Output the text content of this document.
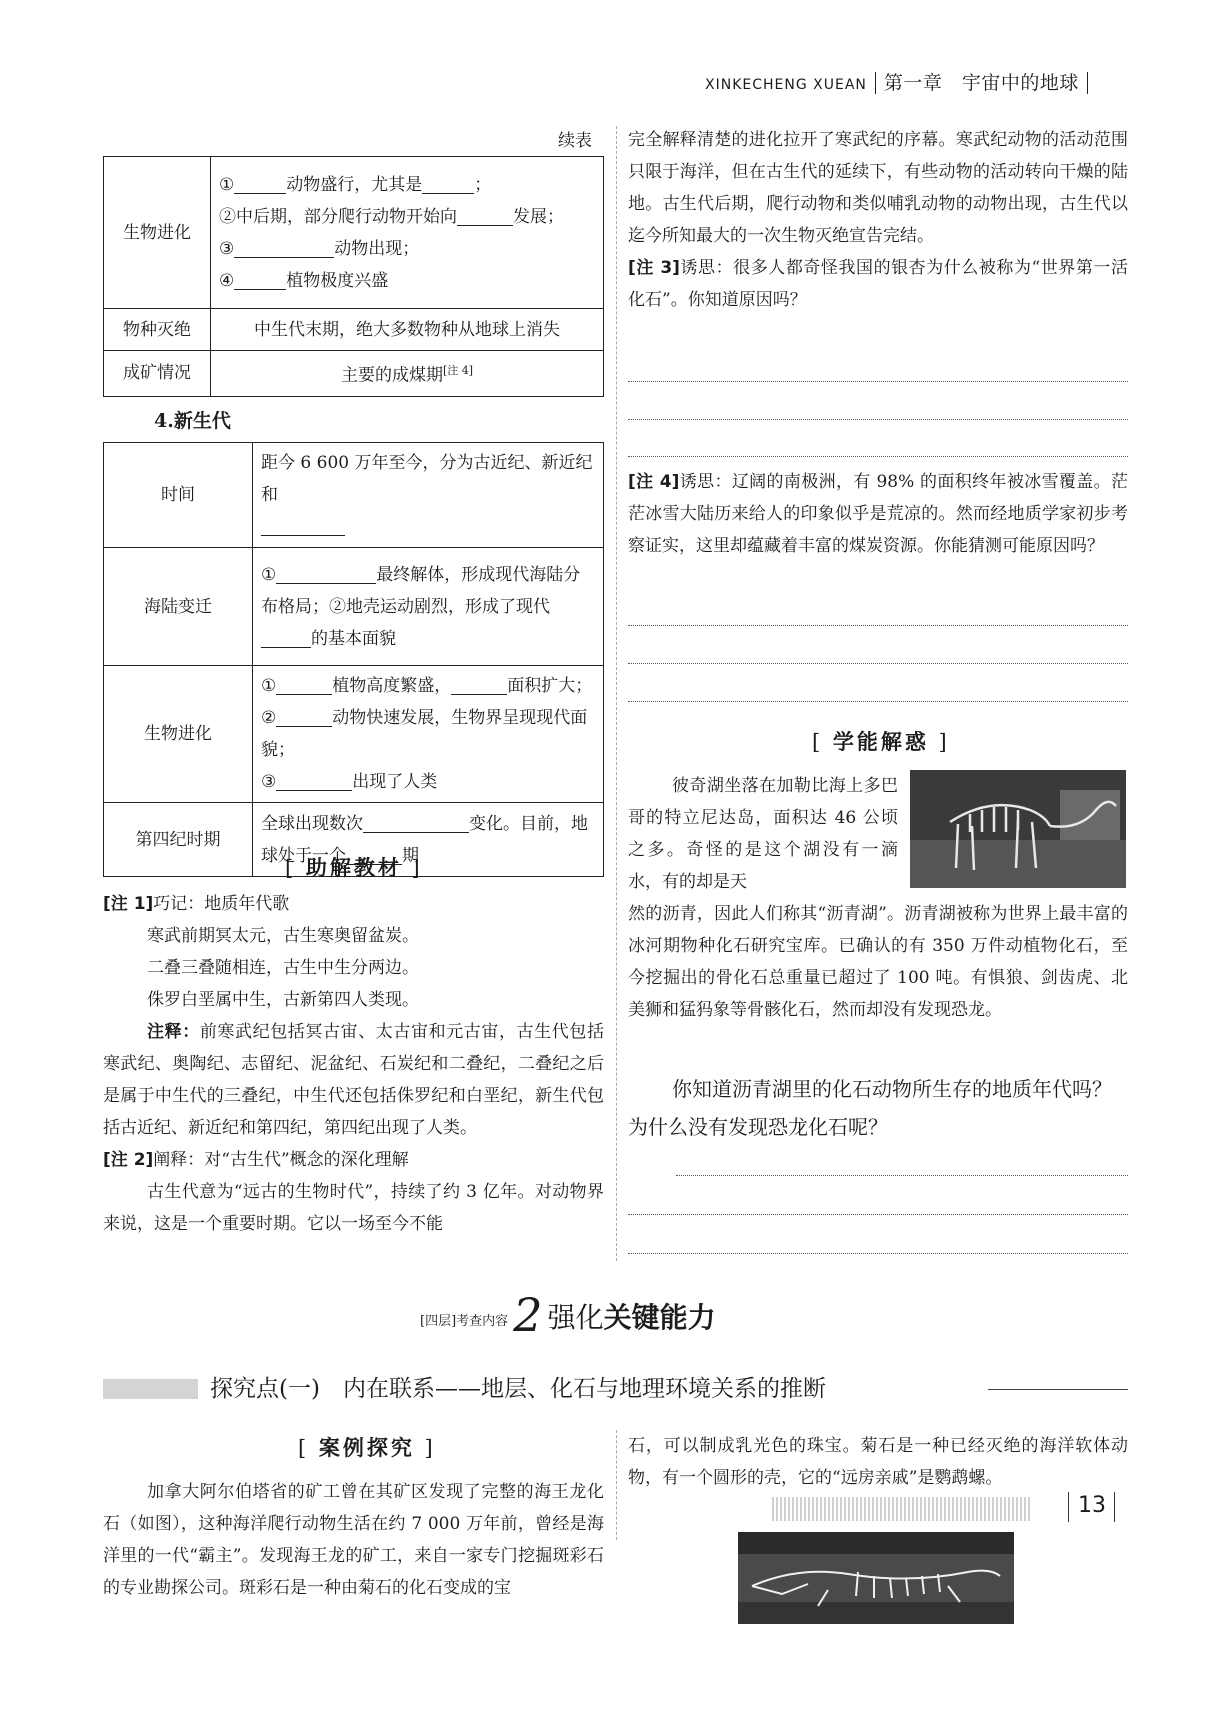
XINKECHENG XUEAN 第一章　宇宙中的地球
续表
生物进化	① 动物盛行，尤其是 ；
②中后期，部分爬行动物开始向 发展；
③ 动物出现；
④ 植物极度兴盛

物种灭绝	中生代末期，绝大多数物种从地球上消失
成矿情况	主要的成煤期[注 4]
4.新生代
时间	距今 6 600 万年至今，分为古近纪、新近纪和

海陆变迁	① 最终解体，形成现代海陆分布格局；②地壳运动剧烈，形成了现代的基本面貌
生物进化	① 植物高度繁盛， 面积扩大；
② 动物快速发展，生物界呈现现代面貌；
③ 出现了人类

第四纪时期	全球出现数次 变化。目前，地球处于一个 期
[ 助解教材 ]
[注 1]巧记：地质年代歌
寒武前期冥太元，古生寒奥留盆炭。
二叠三叠随相连，古生中生分两边。
侏罗白垩属中生，古新第四人类现。
注释：前寒武纪包括冥古宙、太古宙和元古宙，古生代包括寒武纪、奥陶纪、志留纪、泥盆纪、石炭纪和二叠纪，二叠纪之后是属于中生代的三叠纪，中生代还包括侏罗纪和白垩纪，新生代包括古近纪、新近纪和第四纪，第四纪出现了人类。
[注 2]阐释：对“古生代”概念的深化理解
古生代意为“远古的生物时代”，持续了约 3 亿年。对动物界来说，这是一个重要时期。它以一场至今不能
完全解释清楚的进化拉开了寒武纪的序幕。寒武纪动物的活动范围只限于海洋，但在古生代的延续下，有些动物的活动转向干燥的陆地。古生代后期，爬行动物和类似哺乳动物的动物出现，古生代以迄今所知最大的一次生物灭绝宣告完结。
[注 3]诱思：很多人都奇怪我国的银杏为什么被称为“世界第一活化石”。你知道原因吗？
[注 4]诱思：辽阔的南极洲，有 98% 的面积终年被冰雪覆盖。茫茫冰雪大陆历来给人的印象似乎是荒凉的。然而经地质学家初步考察证实，这里却蕴藏着丰富的煤炭资源。你能猜测可能原因吗？
[ 学能解惑 ]
彼奇湖坐落在加勒比海上多巴哥的特立尼达岛，面积达 46 公顷之多。奇怪的是这个湖没有一滴水，有的却是天
然的沥青，因此人们称其“沥青湖”。沥青湖被称为世界上最丰富的冰河期物种化石研究宝库。已确认的有 350 万件动植物化石，至今挖掘出的骨化石总重量已超过了 100 吨。有惧狼、剑齿虎、北美狮和猛犸象等骨骸化石，然而却没有发现恐龙。
你知道沥青湖里的化石动物所生存的地质年代吗？为什么没有发现恐龙化石呢？
$^{[四层]考查内容}$ 2 强化关键能力
探究点(一)　内在联系——地层、化石与地理环境关系的推断
[ 案例探究 ]
加拿大阿尔伯塔省的矿工曾在其矿区发现了完整的海王龙化石（如图），这种海洋爬行动物生活在约 7 000 万年前，曾经是海洋里的一代“霸主”。发现海王龙的矿工，来自一家专门挖掘斑彩石的专业勘探公司。斑彩石是一种由菊石的化石变成的宝
石，可以制成乳光色的珠宝。菊石是一种已经灭绝的海洋软体动物，有一个圆形的壳，它的“远房亲戚”是鹦鹉螺。
13
